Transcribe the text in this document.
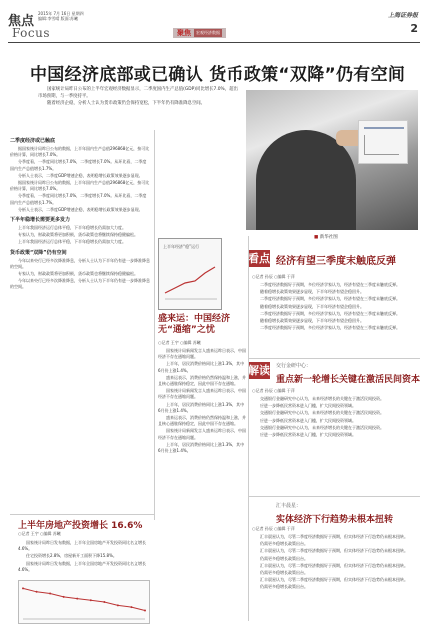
焦点
Focus
2015年 7月 16日 星期四
编辑:李雪晴 版面:苏曦
聚焦	宏观经济数据
上海证券报
2
中国经济底部或已确认 货币政策“双降”仍有空间

国家统计局昨日公布的上半年宏观经济数据显示，二季度国内生产总值(GDP)同比增长7.0%，超出市场预期，与一季度持平。

随着经济企稳，分析人士认为货币政策仍会保持宽松，下半年仍有降准降息空间。

■ 新华社图
二季度经济或已触底

据国家统计局昨日公布的数据，上半年国内生产总值296868亿元，按可比价格计算，同比增长7.0%。

分季度看，一季度同比增长7.0%，二季度增长7.0%。从环比看，二季度国内生产总值增长1.7%。

分析人士表示，二季度GDP增速企稳，表明稳增长政策效果逐步显现。

据国家统计局昨日公布的数据，上半年国内生产总值296868亿元，按可比价格计算，同比增长7.0%。

分季度看，一季度同比增长7.0%，二季度增长7.0%。从环比看，二季度国内生产总值增长1.7%。

分析人士表示，二季度GDP增速企稳，表明稳增长政策效果逐步显现。

下半年稳增长需要更多发力

上半年我国经济运行总体平稳，下半年稳增长仍需加大力度。

专家认为，财政政策将更加积极，货币政策也将继续保持稳健偏松。

上半年我国经济运行总体平稳，下半年稳增长仍需加大力度。

货币政策“双降”仍有空间

今年以来央行已经多次降准降息，分析人士认为下半年仍有进一步降准降息的空间。

专家认为，财政政策将更加积极，货币政策也将继续保持稳健偏松。

今年以来央行已经多次降准降息，分析人士认为下半年仍有进一步降准降息的空间。

上半年经济“稳”运行
盛来运：中国经济无“通缩”之忧
○记者 王宇 ○编辑 苏曦

国家统计局新闻发言人盛来运昨日表示，中国经济不存在通缩问题。

上半年，居民消费价格同比上涨1.3%，其中6月份上涨1.4%。

盛来运表示，消费价格仍然保持温和上涨，并且核心通胀保持稳定，因此中国不存在通缩。

国家统计局新闻发言人盛来运昨日表示，中国经济不存在通缩问题。

上半年，居民消费价格同比上涨1.3%，其中6月份上涨1.4%。

盛来运表示，消费价格仍然保持温和上涨，并且核心通胀保持稳定，因此中国不存在通缩。

国家统计局新闻发言人盛来运昨日表示，中国经济不存在通缩问题。

上半年，居民消费价格同比上涨1.3%，其中6月份上涨1.4%。

看点 经济有望三季度末触底反弹
○记者 孙辰 ○编辑 于萍

二季度经济数据好于预期，多位经济学家认为，经济有望在三季度末触底反弹。

随着稳增长政策效果逐步显现，下半年经济有望企稳回升。

二季度经济数据好于预期，多位经济学家认为，经济有望在三季度末触底反弹。

随着稳增长政策效果逐步显现，下半年经济有望企稳回升。

二季度经济数据好于预期，多位经济学家认为，经济有望在三季度末触底反弹。

随着稳增长政策效果逐步显现，下半年经济有望企稳回升。

二季度经济数据好于预期，多位经济学家认为，经济有望在三季度末触底反弹。

解读 交行金研中心：
重点新一轮增长关键在激活民间资本
○记者 孙辰 ○编辑 于萍

交通银行金融研究中心认为，未来经济增长的关键在于激活民间投资。

应进一步降低民营资本进入门槛，扩大民间投资领域。

交通银行金融研究中心认为，未来经济增长的关键在于激活民间投资。

应进一步降低民营资本进入门槛，扩大民间投资领域。

交通银行金融研究中心认为，未来经济增长的关键在于激活民间投资。

应进一步降低民营资本进入门槛，扩大民间投资领域。

汇丰晨星：
实体经济下行趋势未根本扭转
○记者 孙辰 ○编辑 于萍

汇丰晨星认为，尽管二季度经济数据好于预期，但实体经济下行趋势仍未根本扭转。

仍需更多稳增长政策出台。

汇丰晨星认为，尽管二季度经济数据好于预期，但实体经济下行趋势仍未根本扭转。

仍需更多稳增长政策出台。

汇丰晨星认为，尽管二季度经济数据好于预期，但实体经济下行趋势仍未根本扭转。

仍需更多稳增长政策出台。

汇丰晨星认为，尽管二季度经济数据好于预期，但实体经济下行趋势仍未根本扭转。

仍需更多稳增长政策出台。

上半年房地产投资增长 16.6%
○记者 王宇 ○编辑 苏曦

国家统计局昨日发布数据，上半年全国房地产开发投资同比名义增长4.6%。

住宅投资增长2.8%，房屋新开工面积下降15.8%。

国家统计局昨日发布数据，上半年全国房地产开发投资同比名义增长4.6%。
